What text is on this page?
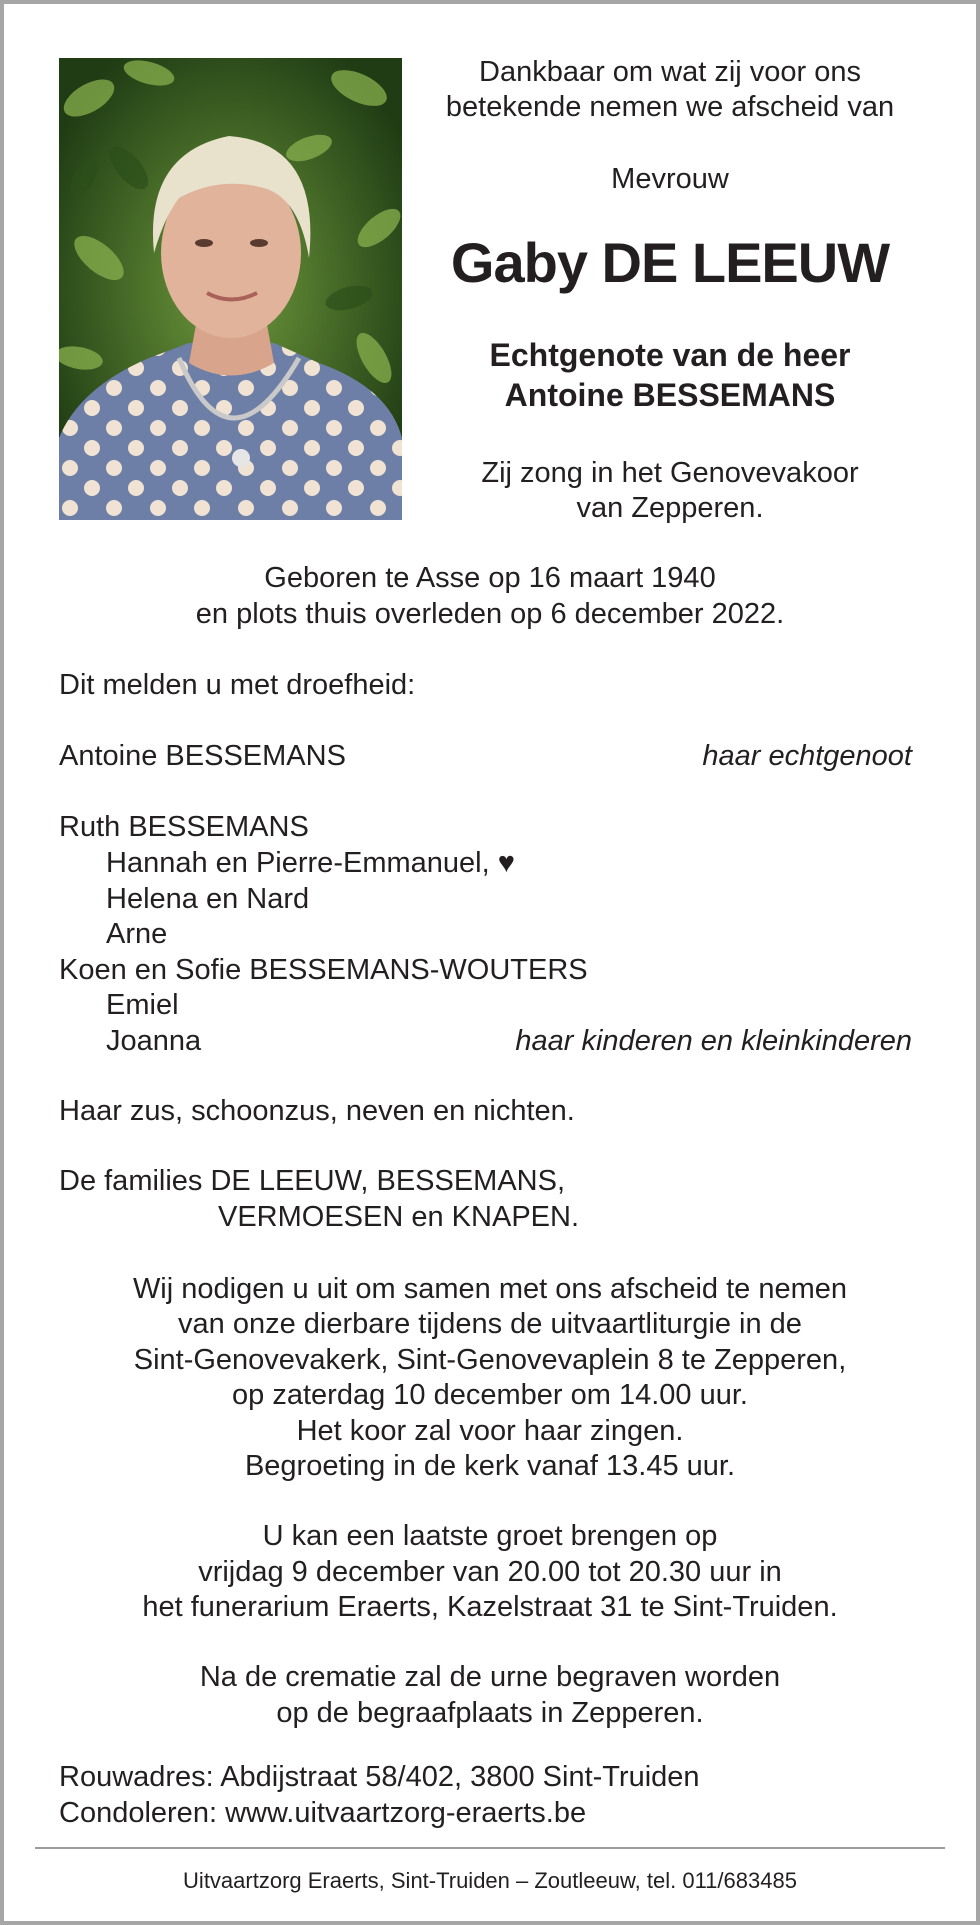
Dankbaar om wat zij voor ons
betekende nemen we afscheid van
Mevrouw
Gaby DE LEEUW
Echtgenote van de heer
Antoine BESSEMANS
Zij zong in het Genovevakoor
van Zepperen.
Geboren te Asse op 16 maart 1940
en plots thuis overleden op 6 december 2022.
Dit melden u met droefheid:
Antoine BESSEMANS	haar echtgenoot
Ruth BESSEMANS
Hannah en Pierre-Emmanuel, ♥
Helena en Nard
Arne
Koen en Sofie BESSEMANS-WOUTERS
Emiel
Joanna	haar kinderen en kleinkinderen
Haar zus, schoonzus, neven en nichten.
De families DE LEEUW, BESSEMANS,
VERMOESEN en KNAPEN.
Wij nodigen u uit om samen met ons afscheid te nemen
van onze dierbare tijdens de uitvaartliturgie in de
Sint-Genovevakerk, Sint-Genovevaplein 8 te Zepperen,
op zaterdag 10 december om 14.00 uur.
Het koor zal voor haar zingen.
Begroeting in de kerk vanaf 13.45 uur.
U kan een laatste groet brengen op
vrijdag 9 december van 20.00 tot 20.30 uur in
het funerarium Eraerts, Kazelstraat 31 te Sint-Truiden.
Na de crematie zal de urne begraven worden
op de begraafplaats in Zepperen.
Rouwadres: Abdijstraat 58/402, 3800 Sint-Truiden
Condoleren: www.uitvaartzorg-eraerts.be
Uitvaartzorg Eraerts, Sint-Truiden – Zoutleeuw, tel. 011/683485
